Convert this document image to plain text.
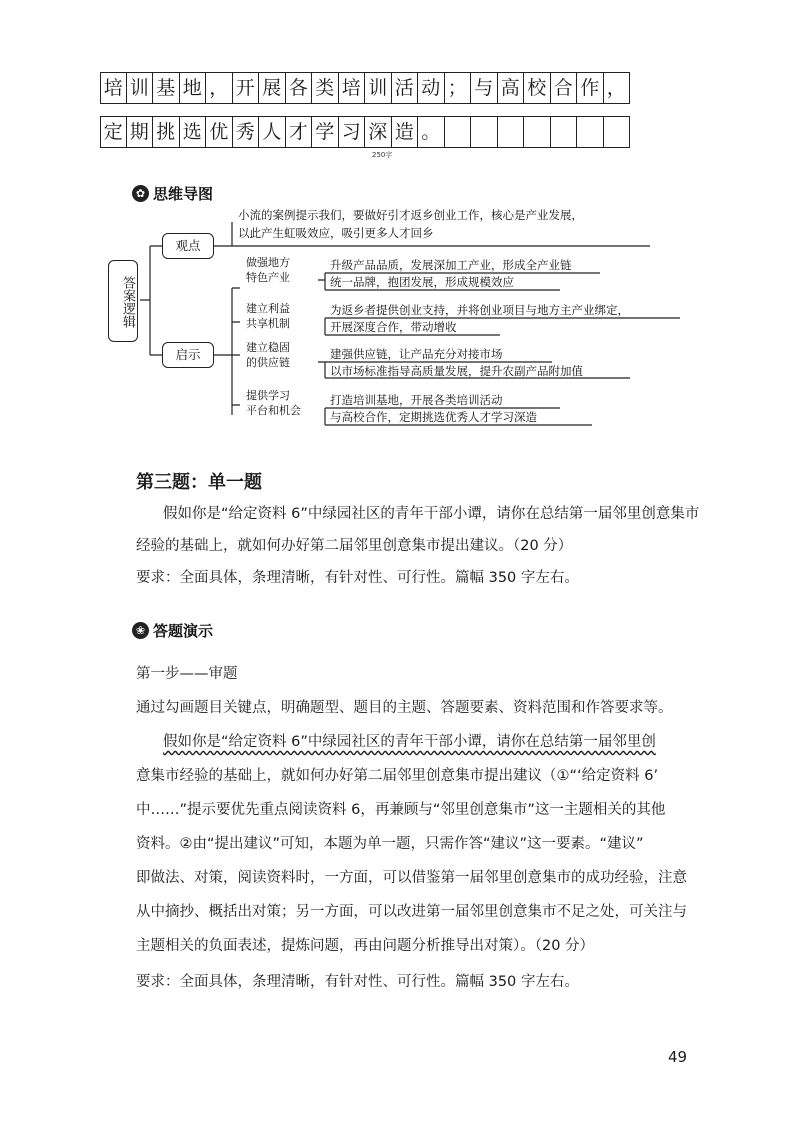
培 训 基 地 ， 开 展 各 类 培 训 活 动 ； 与 高 校 合 作 ，
定 期 挑 选 优 秀 人 才 学 习 深 造 。
250字
✿ 思维导图
答案逻辑
观点
小流的案例提示我们，要做好引才返乡创业工作，核心是产业发展，
以此产生虹吸效应，吸引更多人才回乡
启示
做强地方
特色产业
建立利益
共享机制
建立稳固
的供应链
提供学习
平台和机会
升级产品品质，发展深加工产业，形成全产业链
统一品牌，抱团发展，形成规模效应
为返乡者提供创业支持，并将创业项目与地方主产业绑定，
开展深度合作，带动增收
建强供应链，让产品充分对接市场
以市场标准指导高质量发展，提升农副产品附加值
打造培训基地，开展各类培训活动
与高校合作，定期挑选优秀人才学习深造
第三题：单一题
假如你是“给定资料 6”中绿园社区的青年干部小谭，请你在总结第一届邻里创意集市
经验的基础上，就如何办好第二届邻里创意集市提出建议。（20 分）
要求：全面具体，条理清晰，有针对性、可行性。篇幅 350 字左右。
❀ 答题演示
第一步——审题
通过勾画题目关键点，明确题型、题目的主题、答题要素、资料范围和作答要求等。
假如你是“给定资料 6”中绿园社区的青年干部小谭，请你在总结第一届邻里创
意集市经验的基础上，就如何办好第二届邻里创意集市提出建议（①“‘给定资料 6’
中……”提示要优先重点阅读资料 6，再兼顾与“邻里创意集市”这一主题相关的其他
资料。②由“提出建议”可知，本题为单一题，只需作答“建议”这一要素。“建议”
即做法、对策，阅读资料时，一方面，可以借鉴第一届邻里创意集市的成功经验，注意
从中摘抄、概括出对策；另一方面，可以改进第一届邻里创意集市不足之处，可关注与
主题相关的负面表述，提炼问题，再由问题分析推导出对策）。（20 分）
要求：全面具体，条理清晰，有针对性、可行性。篇幅 350 字左右。
49
